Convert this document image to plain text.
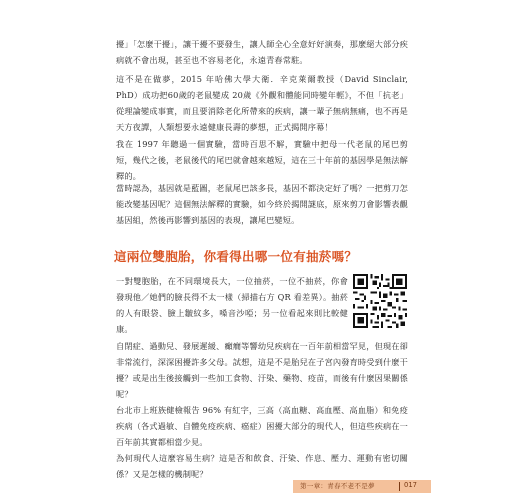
擾」「怎麼干擾」，讓干擾不要發生，讓人師全心全意好好演奏，那麼絕大部分疾病就不會出現，甚至也不容易老化，永遠青春常駐。

這不是在做夢，2015 年哈佛大學大衛．辛克萊爾教授（David Sinclair, PhD）成功把60歲的老鼠變成 20歲《外觀和體能同時變年輕》，不但「抗老」從理論變成事實，而且要消除老化所帶來的疾病，讓一輩子無病無痛，也不再是天方夜譚，人類想要永遠健康長壽的夢想，正式揭開序幕！

我在 1997 年聽過一個實驗，當時百思不解，實驗中把母一代老鼠的尾巴剪短，幾代之後，老鼠後代的尾巴就會越來越短，這在三十年前的基因學是無法解釋的。

當時認為，基因就是藍圖，老鼠尾巴該多長，基因不都決定好了嗎？一把剪刀怎能改變基因呢？這個無法解釋的實驗，如今終於揭開謎底，原來剪刀會影響表觀基因組，然後再影響到基因的表現，讓尾巴變短。

這兩位雙胞胎，你看得出哪一位有抽菸嗎？

一對雙胞胎，在不同環境長大，一位抽菸，一位不抽菸，你會發現他／她們的臉長得不太一樣（掃描右方 QR 看差異）。抽菸的人有眼袋、臉上皺紋多，嗓音沙啞；另一位看起來則比較健康。

自閉症、過動兒、發展遲緩、癲癇等響幼兒疾病在一百年前相當罕見，但現在卻非常流行，深深困擾許多父母。試想，這是不是胎兒在子宮內發育時受到什麼干擾？或是出生後接觸到一些加工食物、汙染、藥物、疫苗，而後有什麼因果關係呢？

台北市上班族健檢報告 96% 有紅字，三高（高血糖、高血壓、高血脂）和免疫疾病（各式過敏、自體免疫疾病、癌症）困擾大部分的現代人，但這些疾病在一百年前其實都相當少見。

為何現代人這麼容易生病？這是否和飲食、汙染、作息、壓力、運動有密切關係？又是怎樣的機制呢？

第一章：青春不老不是夢	017
